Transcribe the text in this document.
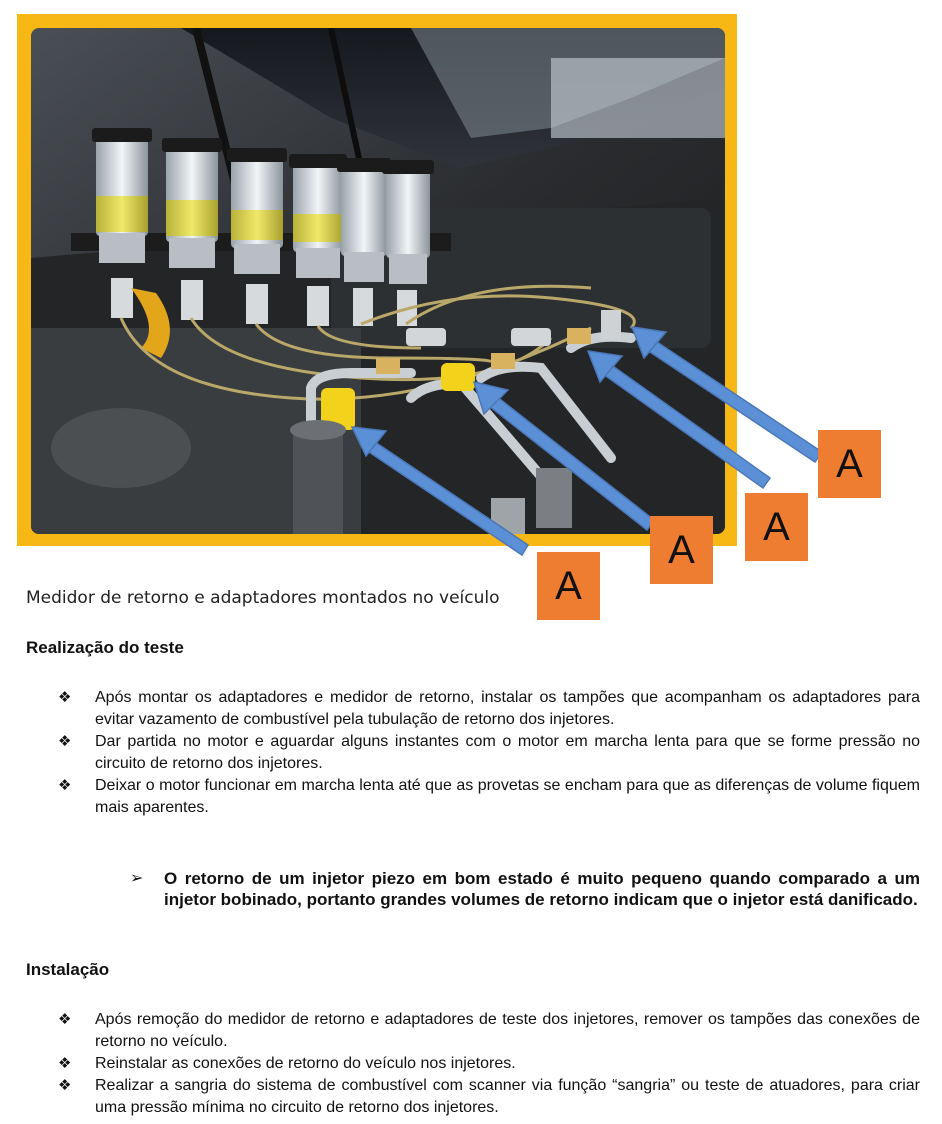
A
A
A
A
Medidor de retorno e adaptadores montados no veículo
Realização do teste
❖ Após montar os adaptadores e medidor de retorno, instalar os tampões que acompanham os adaptadores para evitar vazamento de combustível pela tubulação de retorno dos injetores.
❖ Dar partida no motor e aguardar alguns instantes com o motor em marcha lenta para que se forme pressão no circuito de retorno dos injetores.
❖ Deixar o motor funcionar em marcha lenta até que as provetas se encham para que as diferenças de volume fiquem mais aparentes.
➢ O retorno de um injetor piezo em bom estado é muito pequeno quando comparado a um injetor bobinado, portanto grandes volumes de retorno indicam que o injetor está danificado.
Instalação
❖ Após remoção do medidor de retorno e adaptadores de teste dos injetores, remover os tampões das conexões de retorno no veículo.
❖ Reinstalar as conexões de retorno do veículo nos injetores.
❖ Realizar a sangria do sistema de combustível com scanner via função “sangria” ou teste de atuadores, para criar uma pressão mínima no circuito de retorno dos injetores.
